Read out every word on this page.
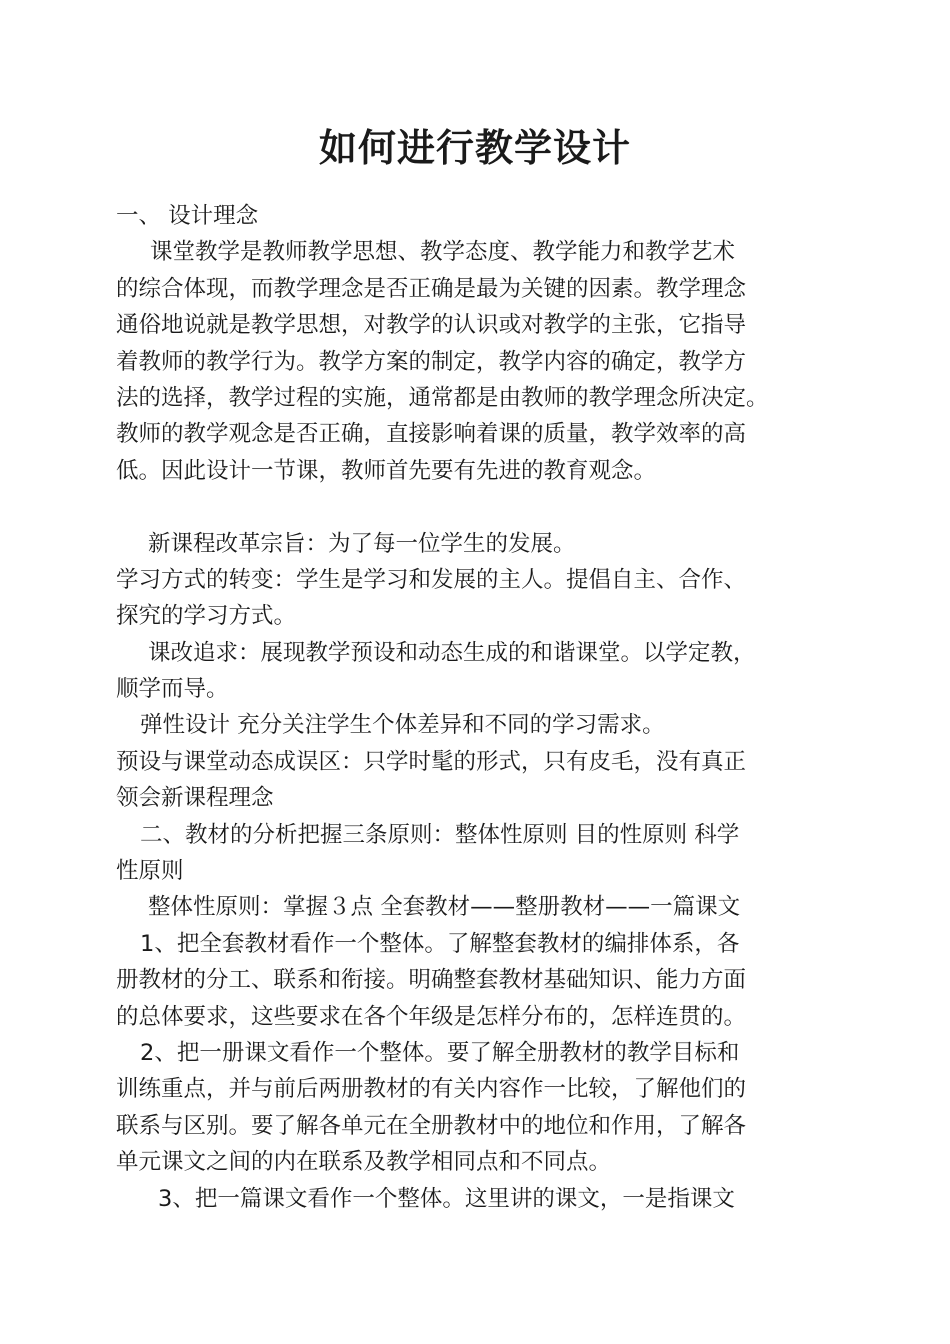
如何进行教学设计
一、 设计理念
课堂教学是教师教学思想、教学态度、教学能力和教学艺术
的综合体现，而教学理念是否正确是最为关键的因素。教学理念
通俗地说就是教学思想，对教学的认识或对教学的主张，它指导
着教师的教学行为。教学方案的制定，教学内容的确定，教学方
法的选择，教学过程的实施，通常都是由教师的教学理念所决定。
教师的教学观念是否正确，直接影响着课的质量，教学效率的高
低。因此设计一节课，教师首先要有先进的教育观念。
新课程改革宗旨：为了每一位学生的发展。
学习方式的转变：学生是学习和发展的主人。提倡自主、合作、
探究的学习方式。
课改追求：展现教学预设和动态生成的和谐课堂。以学定教，
顺学而导。
弹性设计 充分关注学生个体差异和不同的学习需求。
预设与课堂动态成误区：只学时髦的形式，只有皮毛，没有真正
领会新课程理念
二、教材的分析把握三条原则：整体性原则 目的性原则 科学
性原则
整体性原则：掌握３点 全套教材——整册教材——一篇课文
1、把全套教材看作一个整体。了解整套教材的编排体系，各
册教材的分工、联系和衔接。明确整套教材基础知识、能力方面
的总体要求，这些要求在各个年级是怎样分布的，怎样连贯的。
2、把一册课文看作一个整体。要了解全册教材的教学目标和
训练重点，并与前后两册教材的有关内容作一比较，了解他们的
联系与区别。要了解各单元在全册教材中的地位和作用，了解各
单元课文之间的内在联系及教学相同点和不同点。
3、把一篇课文看作一个整体。这里讲的课文，一是指课文
